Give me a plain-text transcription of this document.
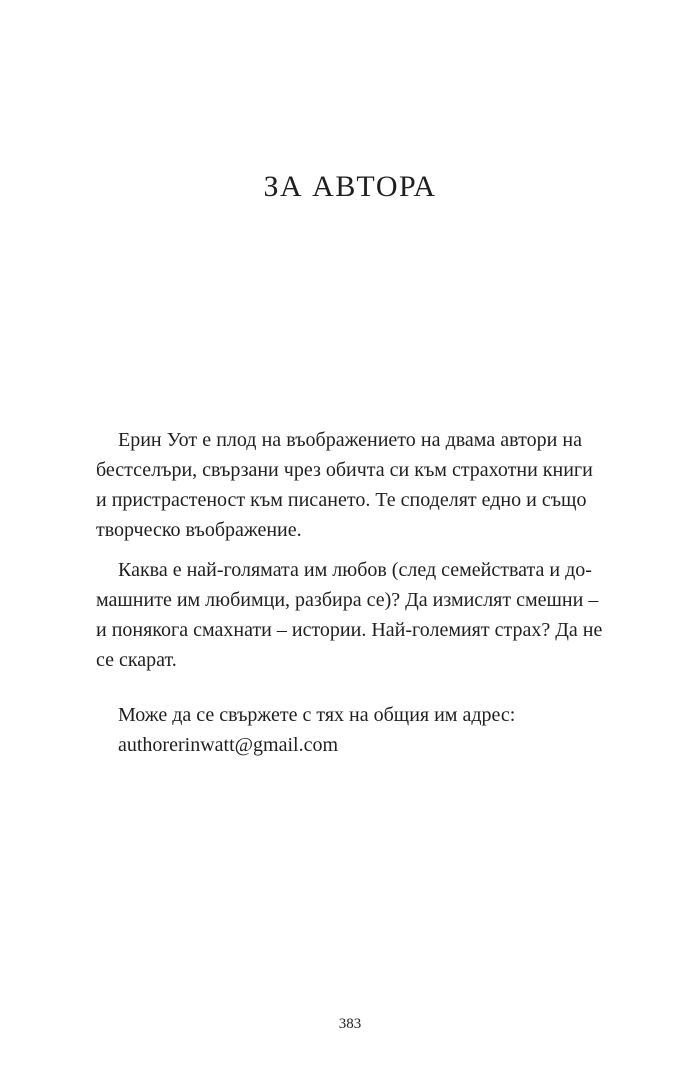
ЗА АВТОРА
Ерин Уот е плод на въображението на двама автори на
бестселъри, свързани чрез обичта си към страхотни книги
и пристрастеност към писането. Те споделят едно и също
творческо въображение.
Каква е най-голямата им любов (след семействата и до-
машните им любимци, разбира се)? Да измислят смешни –
и понякога смахнати – истории. Най-големият страх? Да не
се скарат.
Може да се свържете с тях на общия им адрес:
authorerinwatt@gmail.com
383
